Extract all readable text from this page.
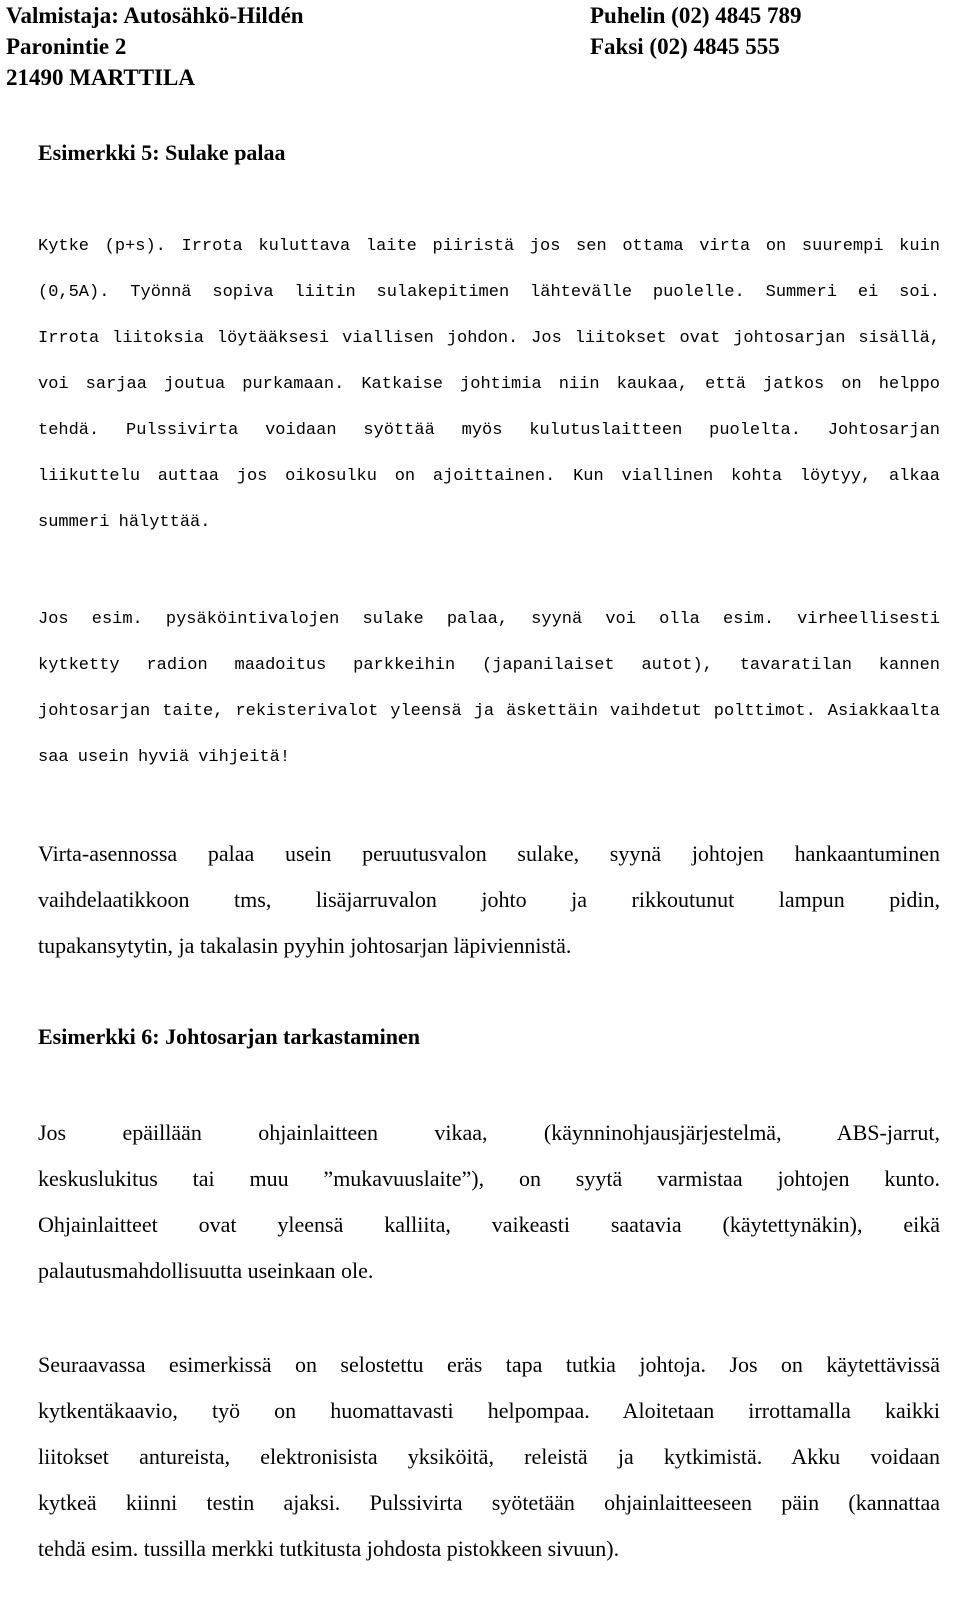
Valmistaja: Autosähkö-Hildén
Paronintie 2
21490 MARTTILA
Puhelin (02) 4845 789
Faksi (02) 4845 555
Esimerkki 5: Sulake palaa
Kytke (p+s). Irrota kuluttava laite piiristä jos sen ottama virta on suurempi kuin
(0,5A). Työnnä sopiva liitin sulakepitimen lähtevälle puolelle. Summeri ei soi.
Irrota liitoksia löytääksesi viallisen johdon. Jos liitokset ovat johtosarjan sisällä,
voi sarjaa joutua purkamaan. Katkaise johtimia niin kaukaa, että jatkos on helppo
tehdä. Pulssivirta voidaan syöttää myös kulutuslaitteen puolelta. Johtosarjan
liikuttelu auttaa jos oikosulku on ajoittainen. Kun viallinen kohta löytyy, alkaa
summeri hälyttää.
Jos esim. pysäköintivalojen sulake palaa, syynä voi olla esim. virheellisesti
kytketty radion maadoitus parkkeihin (japanilaiset autot), tavaratilan kannen
johtosarjan taite, rekisterivalot yleensä ja äskettäin vaihdetut polttimot. Asiakkaalta
saa usein hyviä vihjeitä!
Virta-asennossa palaa usein peruutusvalon sulake, syynä johtojen hankaantuminen
vaihdelaatikkoon tms, lisäjarruvalon johto ja rikkoutunut lampun pidin,
tupakansytytin, ja takalasin pyyhin johtosarjan läpiviennistä.
Esimerkki 6: Johtosarjan tarkastaminen
Jos epäillään ohjainlaitteen vikaa, (käynninohjausjärjestelmä, ABS-jarrut,
keskuslukitus tai muu ”mukavuuslaite”), on syytä varmistaa johtojen kunto.
Ohjainlaitteet ovat yleensä kalliita, vaikeasti saatavia (käytettynäkin), eikä
palautusmahdollisuutta useinkaan ole.
Seuraavassa esimerkissä on selostettu eräs tapa tutkia johtoja. Jos on käytettävissä
kytkentäkaavio, työ on huomattavasti helpompaa. Aloitetaan irrottamalla kaikki
liitokset antureista, elektronisista yksiköitä, releistä ja kytkimistä. Akku voidaan
kytkeä kiinni testin ajaksi. Pulssivirta syötetään ohjainlaitteeseen päin (kannattaa
tehdä esim. tussilla merkki tutkitusta johdosta pistokkeen sivuun).
